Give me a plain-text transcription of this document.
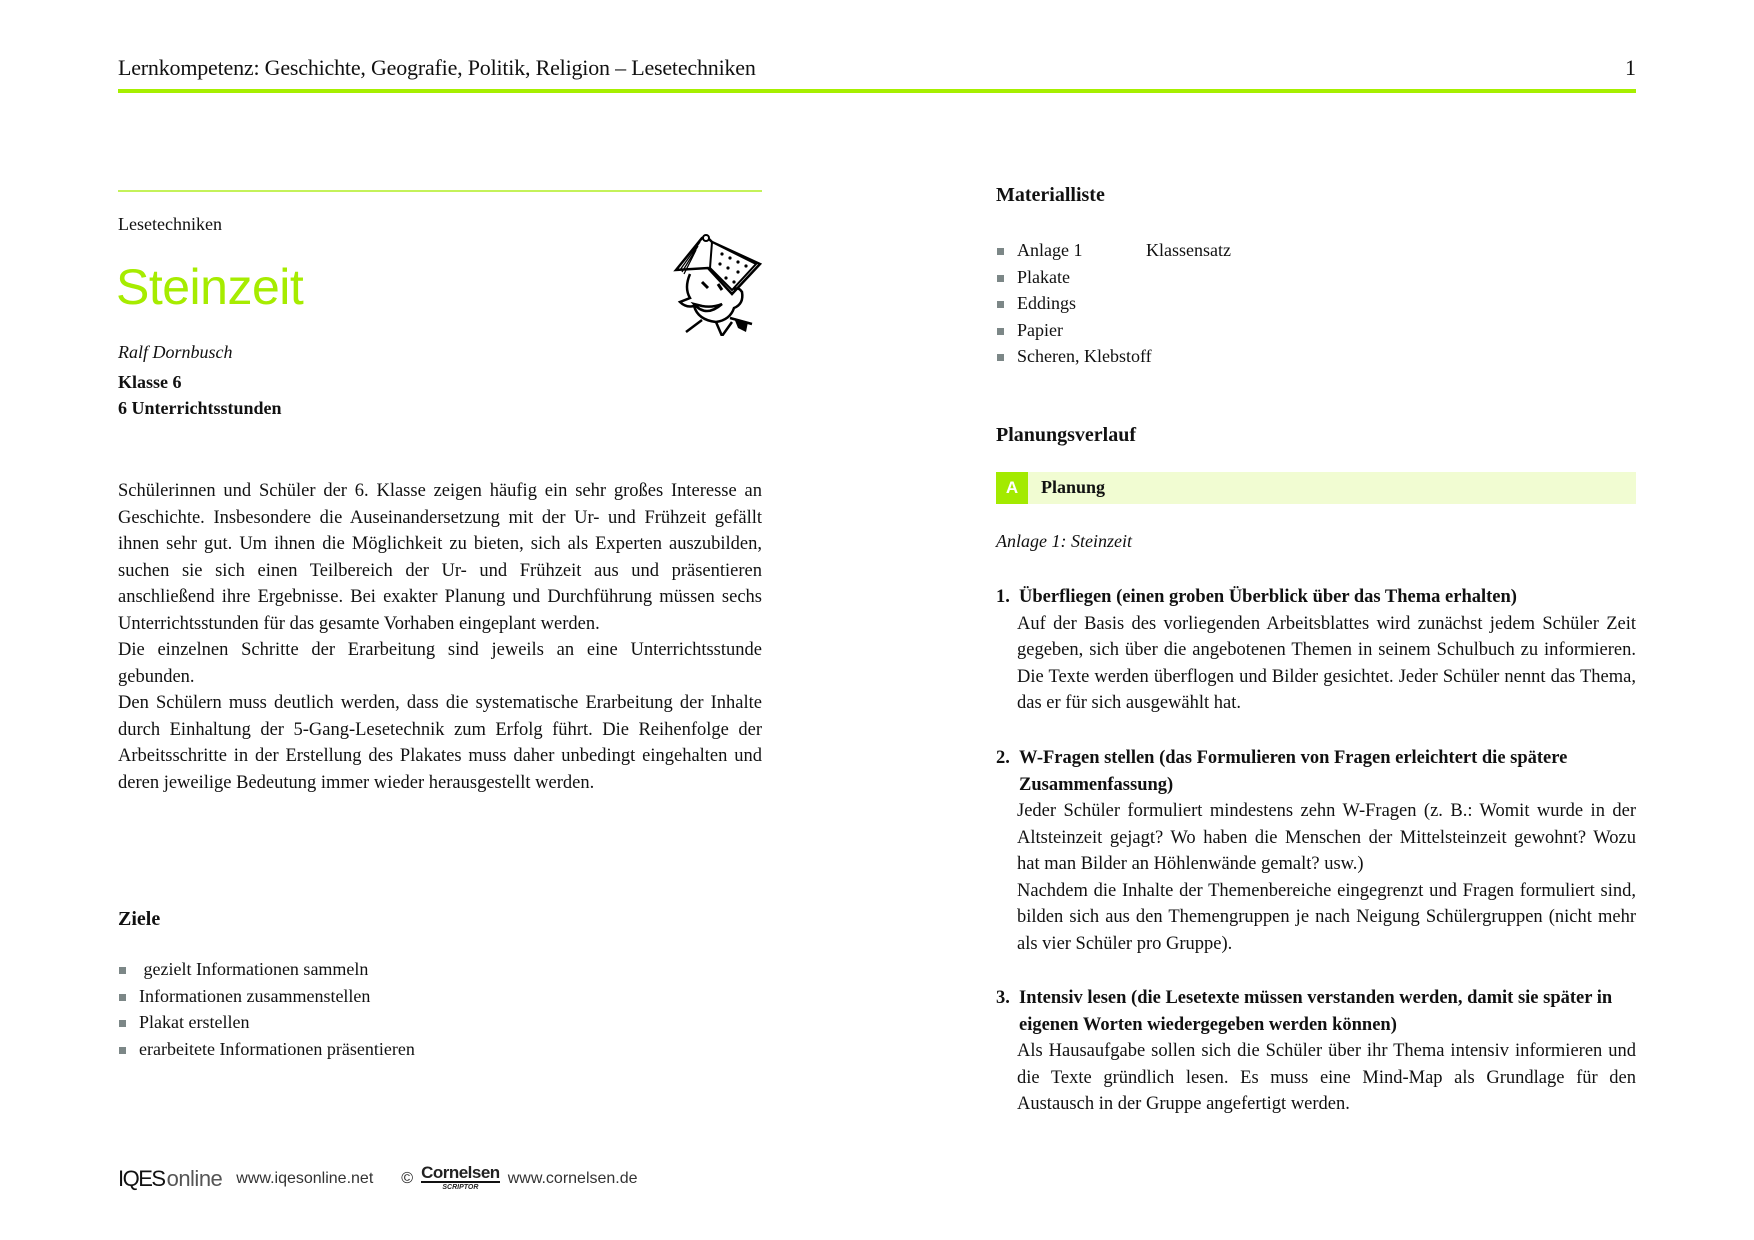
Lernkompetenz: Geschichte, Geografie, Politik, Religion – Lesetechniken	1
Lesetechniken
Steinzeit
Ralf Dornbusch
Klasse 6
6 Unterrichtsstunden

Schülerinnen und Schüler der 6. Klasse zeigen häufig ein sehr großes Interesse an Geschichte. Insbesondere die Auseinandersetzung mit der Ur- und Frühzeit gefällt ihnen sehr gut. Um ihnen die Möglichkeit zu bieten, sich als Experten auszubilden, suchen sie sich einen Teilbereich der Ur- und Frühzeit aus und präsentieren anschließend ihre Ergebnisse. Bei exakter Planung und Durchführung müssen sechs Unterrichtsstunden für das gesamte Vorhaben eingeplant werden.

Die einzelnen Schritte der Erarbeitung sind jeweils an eine Unterrichtsstunde gebunden.

Den Schülern muss deutlich werden, dass die systematische Erarbeitung der Inhalte durch Einhaltung der 5-Gang-Lesetechnik zum Erfolg führt. Die Reihenfolge der Arbeitsschritte in der Erstellung des Plakates muss daher unbedingt eingehalten und deren jeweilige Bedeutung immer wieder herausgestellt werden.

Ziele
gezielt Informationen sammeln
Informationen zusammenstellen
Plakat erstellen
erarbeitete Informationen präsentieren
Materialliste
Anlage 1	Klassensatz
Plakate
Eddings
Papier
Scheren, Klebstoff
Planungsverlauf
A	Planung
Anlage 1: Steinzeit
1. Überfliegen (einen groben Überblick über das Thema erhalten)

Auf der Basis des vorliegenden Arbeitsblattes wird zunächst jedem Schüler Zeit gegeben, sich über die angebotenen Themen in seinem Schulbuch zu informieren. Die Texte werden überflogen und Bilder gesichtet. Jeder Schüler nennt das Thema, das er für sich ausgewählt hat.

2. W-Fragen stellen (das Formulieren von Fragen erleichtert die spätere Zusammenfassung)

Jeder Schüler formuliert mindestens zehn W-Fragen (z. B.: Womit wurde in der Altsteinzeit gejagt? Wo haben die Menschen der Mittelsteinzeit gewohnt? Wozu hat man Bilder an Höhlenwände gemalt? usw.)

Nachdem die Inhalte der Themenbereiche eingegrenzt und Fragen formuliert sind, bilden sich aus den Themengruppen je nach Neigung Schülergruppen (nicht mehr als vier Schüler pro Gruppe).

3. Intensiv lesen (die Lesetexte müssen verstanden werden, damit sie später in eigenen Worten wiedergegeben werden können)

Als Hausaufgabe sollen sich die Schüler über ihr Thema intensiv informieren und die Texte gründlich lesen. Es muss eine Mind-Map als Grundlage für den Austausch in der Gruppe angefertigt werden.

IQESonline www.iqesonline.net © Cornelsen
SCRIPTOR	www.cornelsen.de
